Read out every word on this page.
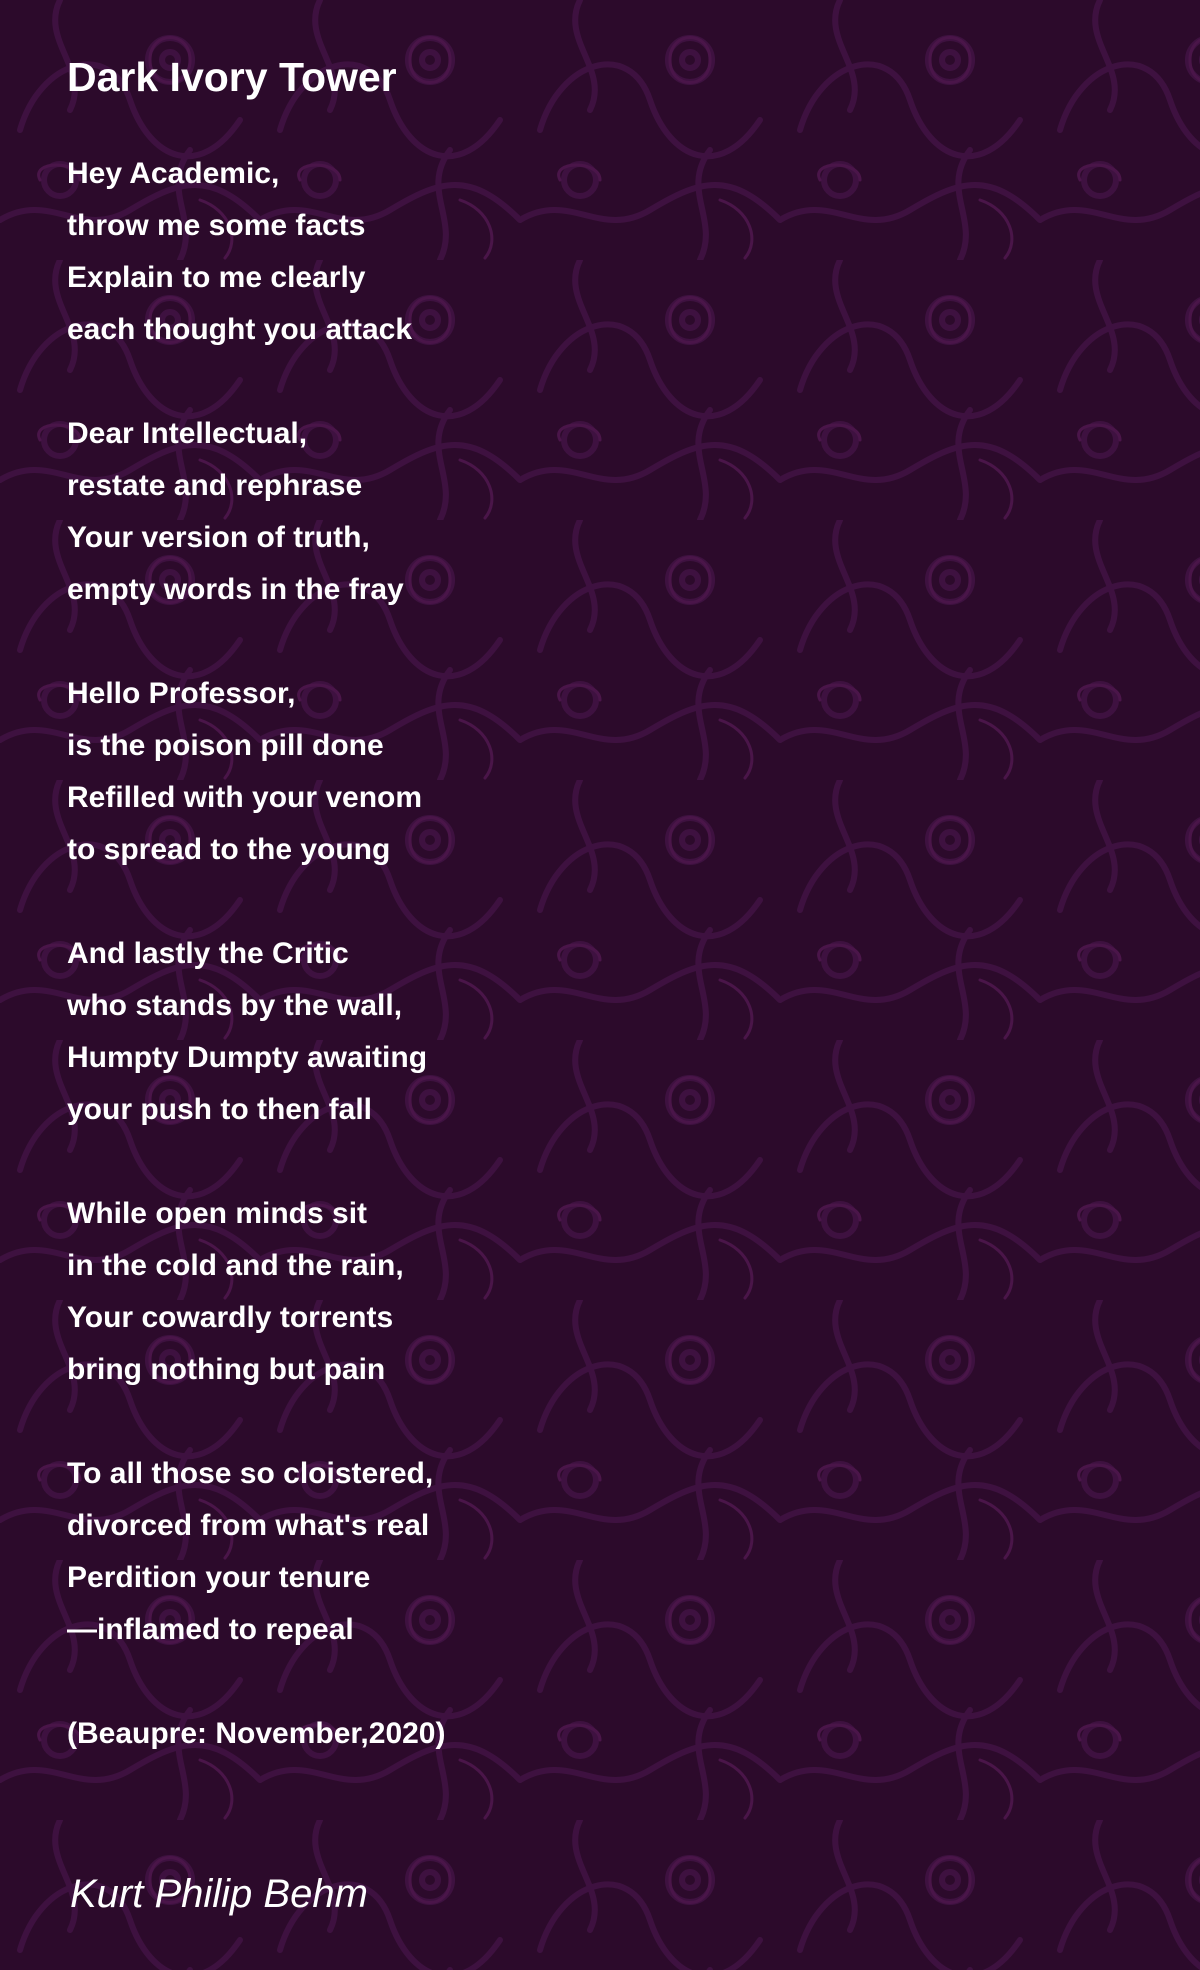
Dark Ivory Tower
Hey Academic,
throw me some facts
Explain to me clearly
each thought you attack
Dear Intellectual,
restate and rephrase
Your version of truth,
empty words in the fray
Hello Professor,
is the poison pill done
Refilled with your venom
to spread to the young
And lastly the Critic
who stands by the wall,
Humpty Dumpty awaiting
your push to then fall
While open minds sit
in the cold and the rain,
Your cowardly torrents
bring nothing but pain
To all those so cloistered,
divorced from what's real
Perdition your tenure
—inflamed to repeal
(Beaupre: November,2020)
Kurt Philip Behm
